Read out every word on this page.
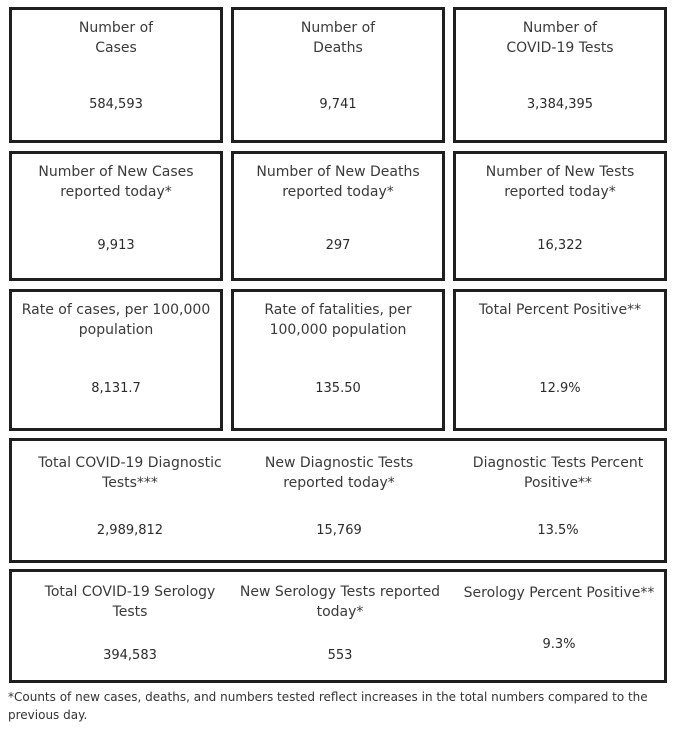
Number of
Cases
584,593
Number of
Deaths
9,741
Number of
COVID-19 Tests
3,384,395
Number of New Cases
reported today*
9,913
Number of New Deaths
reported today*
297
Number of New Tests
reported today*
16,322
Rate of cases, per 100,000
population
8,131.7
Rate of fatalities, per
100,000 population
135.50
Total Percent Positive**
12.9%
Total COVID-19 Diagnostic
Tests***
2,989,812
New Diagnostic Tests
reported today*
15,769
Diagnostic Tests Percent
Positive**
13.5%
Total COVID-19 Serology
Tests
394,583
New Serology Tests reported
today*
553
Serology Percent Positive**
9.3%
*Counts of new cases, deaths, and numbers tested reflect increases in the total numbers compared to the previous day.
